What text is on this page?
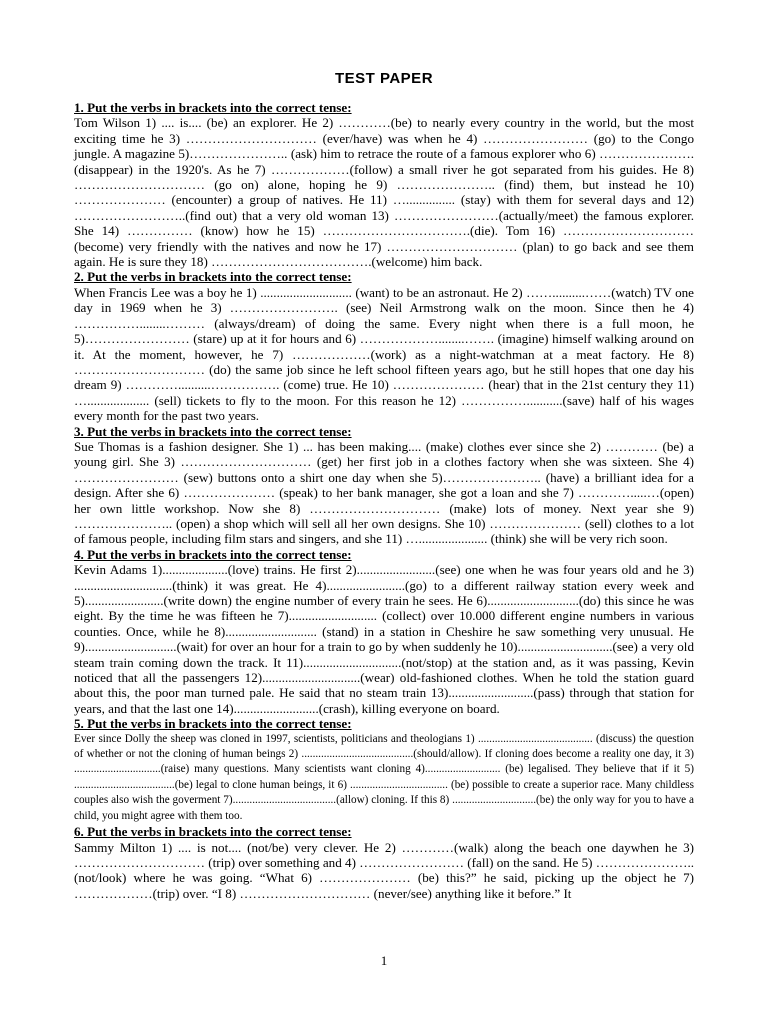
TEST PAPER
1. Put the verbs in brackets into the correct tense:

Tom Wilson 1) .... is.... (be) an explorer. He 2) …………(be) to nearly every country in the world, but the most exciting time he 3) ………………………… (ever/have) was when he 4) …………………… (go) to the Congo jungle. A magazine 5)………………….. (ask) him to retrace the route of a famous explorer who 6) …………………. (disappear) in the 1920's. As he 7) ………………(follow) a small river he got separated from his guides. He 8) ………………………… (go on) alone, hoping he 9) ………………….. (find) them, but instead he 10) ………………… (encounter) a group of natives. He 11) …............... (stay) with them for several days and 12) ……………………..(find out) that a very old woman 13) ……………………(actually/meet) the famous explorer. She 14) …………… (know) how he 15) …………………………….(die). Tom 16) …………………………(become) very friendly with the natives and now he 17) ………………………… (plan) to go back and see them again. He is sure they 18) ……………………………….(welcome) him back.

2. Put the verbs in brackets into the correct tense:

When Francis Lee was a boy he 1) ............................ (want) to be an astronaut. He 2) ……..........……(watch) TV one day in 1969 when he 3) ……………………. (see) Neil Armstrong walk on the moon. Since then he 4) ……………........……… (always/dream) of doing the same. Every night when there is a full moon, he 5)…………………… (stare) up at it for hours and 6) ………………........……. (imagine) himself walking around on it. At the moment, however, he 7) ………………(work) as a night-watchman at a meat factory. He 8) ………………………… (do) the same job since he left school fifteen years ago, but he still hopes that one day his dream 9) …………..........……………. (come) true. He 10) ………………… (hear) that in the 21st century they 11) …................... (sell) tickets to fly to the moon. For this reason he 12) ……………...........(save) half of his wages every month for the past two years.

3. Put the verbs in brackets into the correct tense:

Sue Thomas is a fashion designer. She 1) ... has been making.... (make) clothes ever since she 2) ………… (be) a young girl. She 3) ………………………… (get) her first job in a clothes factory when she was sixteen. She 4) …………………… (sew) buttons onto a shirt one day when she 5)………………….. (have) a brilliant idea for a design. After she 6) ………………… (speak) to her bank manager, she got a loan and she 7) ………….....…(open) her own little workshop. Now she 8) ………………………… (make) lots of money. Next year she 9) ………………….. (open) a shop which will sell all her own designs. She 10) ………………… (sell) clothes to a lot of famous people, including film stars and singers, and she 11) …..................... (think) she will be very rich soon.

4. Put the verbs in brackets into the correct tense:

Kevin Adams 1)....................(love) trains. He first 2)........................(see) one when he was four years old and he 3) ..............................(think) it was great. He 4)........................(go) to a different railway station every week and 5)........................(write down) the engine number of every train he sees. He 6)............................(do) this since he was eight. By the time he was fifteen he 7)........................... (collect) over 10.000 different engine numbers in various counties. Once, while he 8)............................ (stand) in a station in Cheshire he saw something very unusual. He 9)............................(wait) for over an hour for a train to go by when suddenly he 10).............................(see) a very old steam train coming down the track. It 11)..............................(not/stop) at the station and, as it was passing, Kevin noticed that all the passengers 12)..............................(wear) old-fashioned clothes. When he told the station guard about this, the poor man turned pale. He said that no steam train 13)..........................(pass) through that station for years, and that the last one 14)..........................(crash), killing everyone on board.

5. Put the verbs in brackets into the correct tense:

Ever since Dolly the sheep was cloned in 1997, scientists, politicians and theologians 1) ......................................... (discuss) the question of whether or not the cloning of human beings 2) ........................................(should/allow). If cloning does become a reality one day, it 3) ...............................(raise) many questions. Many scientists want cloning 4)........................... (be) legalised. They believe that if it 5) ....................................(be) legal to clone human beings, it 6) ................................... (be) possible to create a superior race. Many childless couples also wish the goverment 7).....................................(allow) cloning. If this 8) ..............................(be) the only way for you to have a child, you might agree with them too.

6. Put the verbs in brackets into the correct tense:

Sammy Milton 1) .... is not.... (not/be) very clever. He 2) …………(walk) along the beach one daywhen he 3) ………………………… (trip) over something and 4) …………………… (fall) on the sand. He 5) ………………….. (not/look) where he was going. “What 6) ………………… (be) this?” he said, picking up the object he 7) ………………(trip) over. “I 8) ………………………… (never/see) anything like it before.” It

1
